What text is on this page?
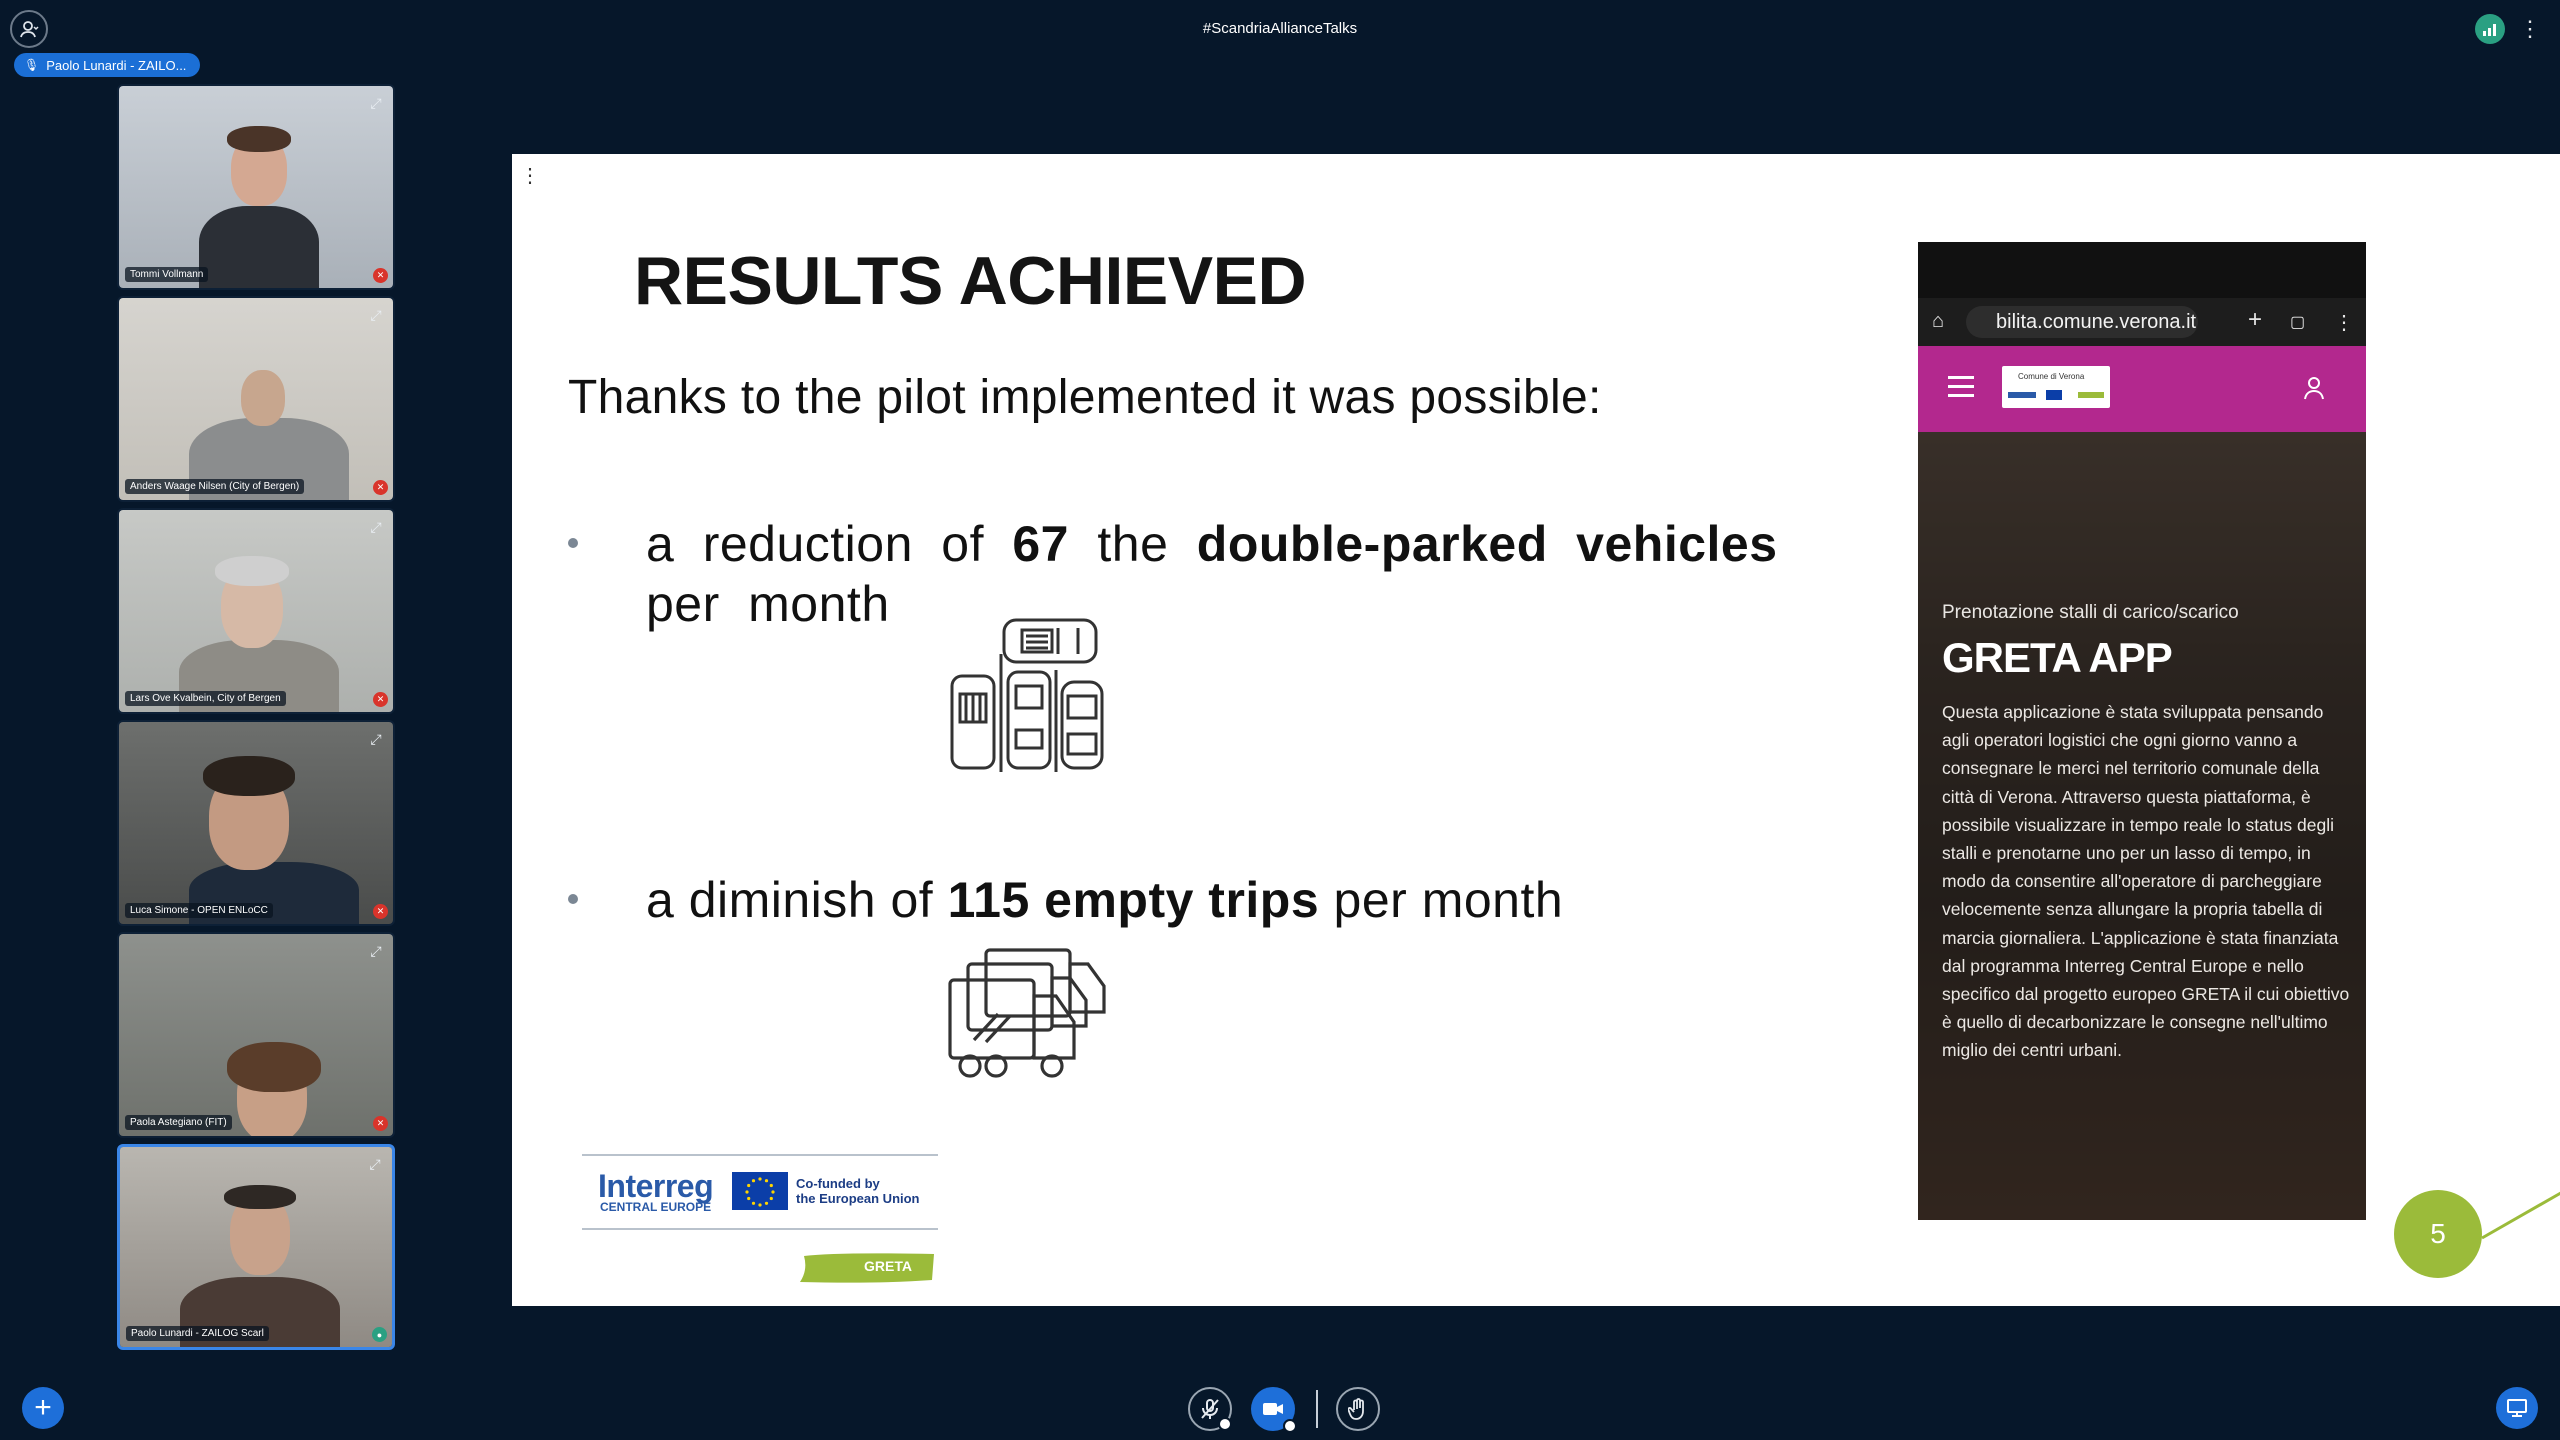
#ScandriaAllianceTalks	⋮
🎙 Paolo Lunardi - ZAILO...
⤢
Tommi Vollmann	✕
⤢
Anders Waage Nilsen (City of Bergen)	✕
⤢
Lars Ove Kvalbein, City of Bergen	✕
⤢
Luca Simone - OPEN ENLoCC	✕
⤢
Paola Astegiano (FIT)	✕
⤢
Paolo Lunardi - ZAILOG Scarl	●
⋮
RESULTS ACHIEVED
Thanks to the pilot implemented it was possible:
a reduction of 67 the double-parked vehicles per month
a diminish of 115 empty trips per month
Interreg
CENTRAL EUROPE
Co-funded by
the European Union
GRETA
⌂	bilita.comune.verona.it + ▢ ⋮
Comune di Verona
Prenotazione stalli di carico/scarico
GRETA APP
Questa applicazione è stata sviluppata pensando agli operatori logistici che ogni giorno vanno a consegnare le merci nel territorio comunale della città di Verona. Attraverso questa piattaforma, è possibile visualizzare in tempo reale lo status degli stalli e prenotarne uno per un lasso di tempo, in modo da consentire all'operatore di parcheggiare velocemente senza allungare la propria tabella di marcia giornaliera. L'applicazione è stata finanziata dal programma Interreg Central Europe e nello specifico dal progetto europeo GRETA il cui obiettivo è quello di decarbonizzare le consegne nell'ultimo miglio dei centri urbani.
5
+
